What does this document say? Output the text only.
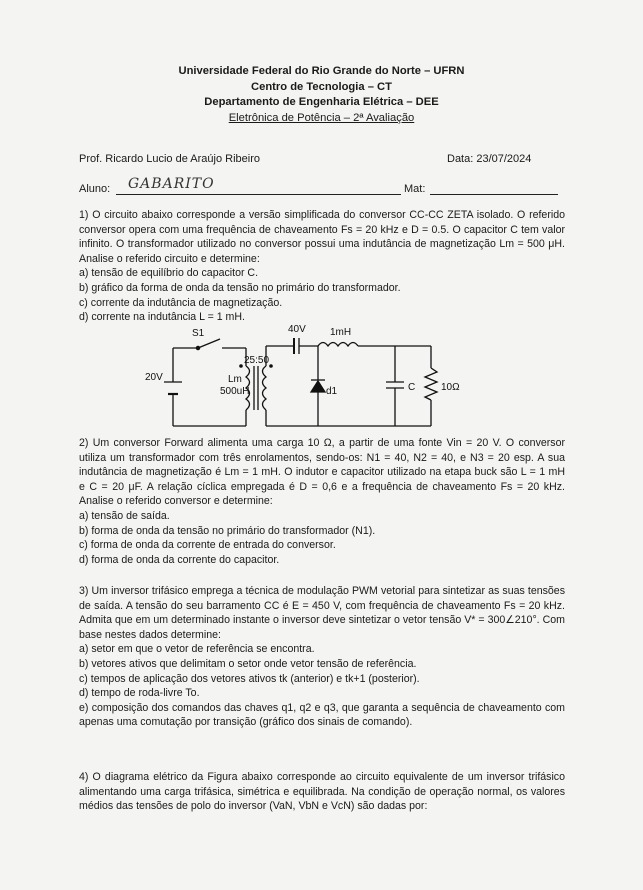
Universidade Federal do Rio Grande do Norte – UFRN
Centro de Tecnologia – CT
Departamento de Engenharia Elétrica – DEE
Eletrônica de Potência – 2ª Avaliação
Prof. Ricardo Lucio de Araújo Ribeiro	Data: 23/07/2024
Aluno: GABARITO	Mat:

1) O circuito abaixo corresponde a versão simplificada do conversor CC-CC ZETA isolado. O referido conversor opera com uma frequência de chaveamento Fs = 20 kHz e D = 0.5. O capacitor C tem valor infinito. O transformador utilizado no conversor possui uma indutância de magnetização Lm = 500 μH. Analise o referido circuito e determine:

a) tensão de equilíbrio do capacitor C.

b) gráfico da forma de onda da tensão no primário do transformador.

c) corrente da indutância de magnetização.

d) corrente na indutância L = 1 mH.

S1	40V 1mH
25:50
20V	Lm
500uH	d1	C	10Ω

2) Um conversor Forward alimenta uma carga 10 Ω, a partir de uma fonte Vin = 20 V. O conversor utiliza um transformador com três enrolamentos, sendo-os: N1 = 40, N2 = 40, e N3 = 20 esp. A sua indutância de magnetização é Lm = 1 mH. O indutor e capacitor utilizado na etapa buck são L = 1 mH e C = 20 μF. A relação cíclica empregada é D = 0,6 e a frequência de chaveamento Fs = 20 kHz. Analise o referido conversor e determine:

a) tensão de saída.

b) forma de onda da tensão no primário do transformador (N1).

c) forma de onda da corrente de entrada do conversor.

d) forma de onda da corrente do capacitor.

3) Um inversor trifásico emprega a técnica de modulação PWM vetorial para sintetizar as suas tensões de saída. A tensão do seu barramento CC é E = 450 V, com frequência de chaveamento Fs = 20 kHz. Admita que em um determinado instante o inversor deve sintetizar o vetor tensão V* = 300∠210°. Com base nestes dados determine:

a) setor em que o vetor de referência se encontra.

b) vetores ativos que delimitam o setor onde vetor tensão de referência.

c) tempos de aplicação dos vetores ativos tk (anterior) e tk+1 (posterior).

d) tempo de roda-livre To.

e) composição dos comandos das chaves q1, q2 e q3, que garanta a sequência de chaveamento com apenas uma comutação por transição (gráfico dos sinais de comando).

4) O diagrama elétrico da Figura abaixo corresponde ao circuito equivalente de um inversor trifásico alimentando uma carga trifásica, simétrica e equilibrada. Na condição de operação normal, os valores médios das tensões de polo do inversor (VaN, VbN e VcN) são dadas por:
